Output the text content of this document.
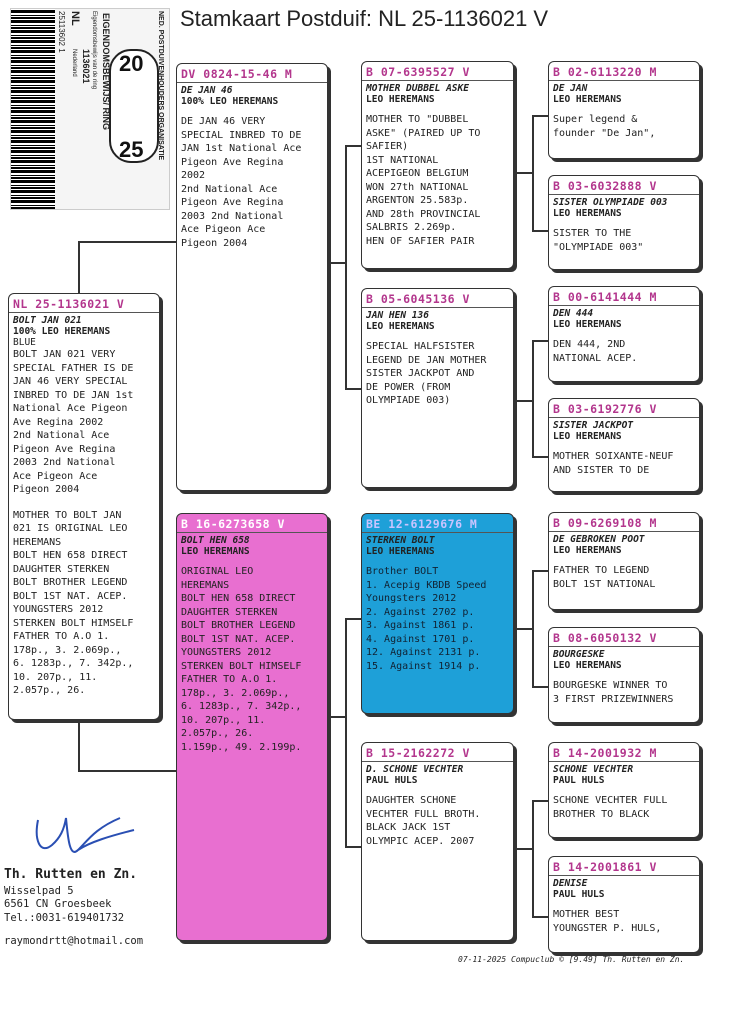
Stamkaart Postduif: NL 25-1136021 V
25113602 1 NL
Nederland 1136021 Eigendomsbewijs van de ring 20
25
EIGENDOMSBEWIJS/ RING	NED. POSTDUIVENHOUDERS ORGANISATIE
NL 25-1136021 V
BOLT JAN 021
100% LEO HEREMANS
BLUE
BOLT JAN 021 VERY
SPECIAL FATHER IS DE
JAN 46 VERY SPECIAL
INBRED TO DE JAN 1st
National Ace Pigeon
Ave Regina 2002
2nd National Ace
Pigeon Ave Regina
2003 2nd National
Ace Pigeon Ace
Pigeon 2004
MOTHER TO BOLT JAN
021 IS ORIGINAL LEO
HEREMANS
BOLT HEN 658 DIRECT
DAUGHTER STERKEN
BOLT BROTHER LEGEND
BOLT 1ST NAT. ACEP.
YOUNGSTERS 2012
STERKEN BOLT HIMSELF
FATHER TO A.O 1.
178p., 3. 2.069p.,
6. 1283p., 7. 342p.,
10. 207p., 11.
2.057p., 26.
DV 0824-15-46 M
DE JAN 46
100% LEO HEREMANS
DE JAN 46 VERY
SPECIAL INBRED TO DE
JAN 1st National Ace
Pigeon Ave Regina
2002
2nd National Ace
Pigeon Ave Regina
2003 2nd National
Ace Pigeon Ace
Pigeon 2004
B 16-6273658 V
BOLT HEN 658
LEO HEREMANS
ORIGINAL LEO
HEREMANS
BOLT HEN 658 DIRECT
DAUGHTER STERKEN
BOLT BROTHER LEGEND
BOLT 1ST NAT. ACEP.
YOUNGSTERS 2012
STERKEN BOLT HIMSELF
FATHER TO A.O 1.
178p., 3. 2.069p.,
6. 1283p., 7. 342p.,
10. 207p., 11.
2.057p., 26.
1.159p., 49. 2.199p.
B 07-6395527 V
MOTHER DUBBEL ASKE
LEO HEREMANS
MOTHER TO "DUBBEL
ASKE" (PAIRED UP TO
SAFIER)
1ST NATIONAL
ACEPIGEON BELGIUM
WON 27th NATIONAL
ARGENTON 25.583p.
AND 28th PROVINCIAL
SALBRIS 2.269p.
HEN OF SAFIER PAIR
B 05-6045136 V
JAN HEN 136
LEO HEREMANS
SPECIAL HALFSISTER
LEGEND DE JAN MOTHER
SISTER JACKPOT AND
DE POWER (FROM
OLYMPIADE 003)
BE 12-6129676 M
STERKEN BOLT
LEO HEREMANS
Brother BOLT
1. Acepig KBDB Speed
Youngsters 2012
2. Against 2702 p.
3. Against 1861 p.
4. Against 1701 p.
12. Against 2131 p.
15. Against 1914 p.
B 15-2162272 V
D. SCHONE VECHTER
PAUL HULS
DAUGHTER SCHONE
VECHTER FULL BROTH.
BLACK JACK 1ST
OLYMPIC ACEP. 2007
B 02-6113220 M
DE JAN
LEO HEREMANS
Super legend &
founder "De Jan",
B 03-6032888 V
SISTER OLYMPIADE 003
LEO HEREMANS
SISTER TO THE
"OLYMPIADE 003"
B 00-6141444 M
DEN 444
LEO HEREMANS
DEN 444, 2ND
NATIONAL ACEP.
B 03-6192776 V
SISTER JACKPOT
LEO HEREMANS
MOTHER SOIXANTE-NEUF
AND SISTER TO DE
B 09-6269108 M
DE GEBROKEN POOT
LEO HEREMANS
FATHER TO LEGEND
BOLT 1ST NATIONAL
B 08-6050132 V
BOURGESKE
LEO HEREMANS
BOURGESKE WINNER TO
3 FIRST PRIZEWINNERS
B 14-2001932 M
SCHONE VECHTER
PAUL HULS
SCHONE VECHTER FULL
BROTHER TO BLACK
B 14-2001861 V
DENISE
PAUL HULS
MOTHER BEST
YOUNGSTER P. HULS,
Th. Rutten en Zn.
Wisselpad 5
6561 CN Groesbeek
Tel.:0031-619401732
raymondrtt@hotmail.com
07-11-2025 Compuclub © [9.49] Th. Rutten en Zn.
